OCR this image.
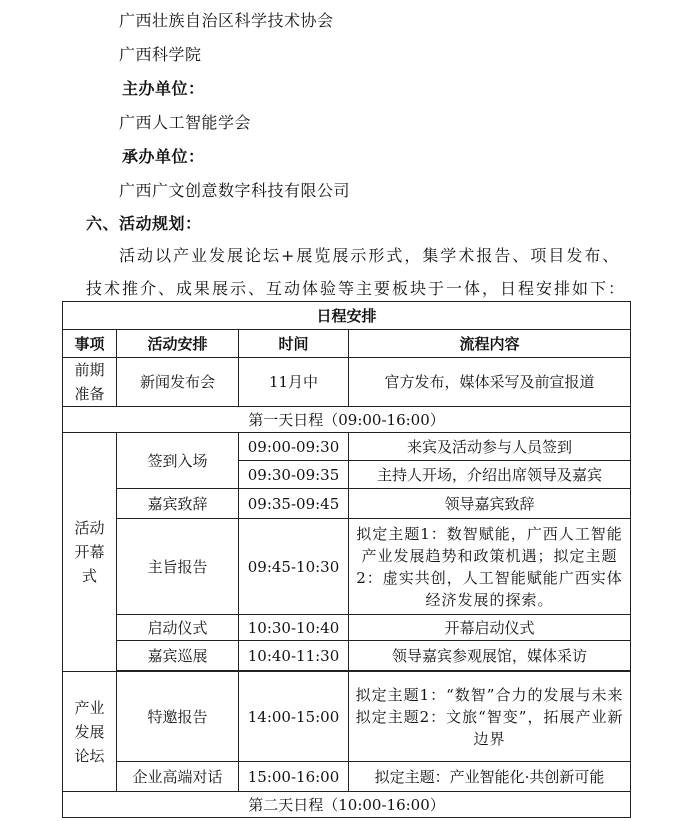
广西壮族自治区科学技术协会
广西科学院
主办单位：
广西人工智能学会
承办单位：
广西广文创意数字科技有限公司
六、活动规划：
活动以产业发展论坛+展览展示形式，集学术报告、项目发布、
技术推介、成果展示、互动体验等主要板块于一体，日程安排如下：
日程安排			
事项	活动安排	时间	流程内容

前期
准备	新闻发布会	11月中	官方发布，媒体采写及前宣报道
第一天日程（09:00-16:00）			

活动
开幕
式	签到入场	09:00-09:30	来宾及活动参与人员签到
		09:30-09:35	主持人开场，介绍出席领导及嘉宾
	嘉宾致辞	09:35-09:45	领导嘉宾致辞
	主旨报告	09:45-10:30	拟定主题1：数智赋能，广西人工智能产业发展趋势和政策机遇；拟定主题2：虚实共创，人工智能赋能广西实体经济发展的探索。
	启动仪式	10:30-10:40	开幕启动仪式
	嘉宾巡展	10:40-11:30	领导嘉宾参观展馆，媒体采访

产业
发展
论坛	特邀报告	14:00-15:00	拟定主题1：“数智”合力的发展与未来拟定主题2：文旅“智变”，拓展产业新边界
	企业高端对话	15:00-16:00	拟定主题：产业智能化·共创新可能
第二天日程（10:00-16:00）			
